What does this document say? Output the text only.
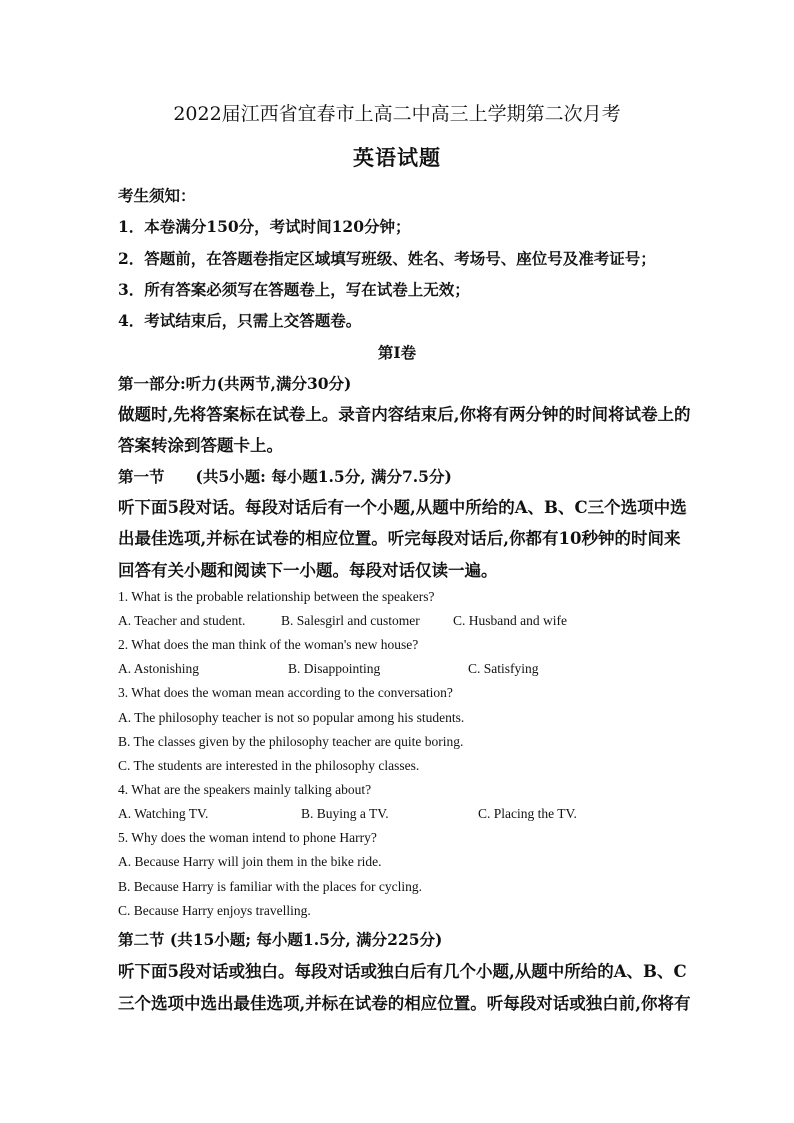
2022届江西省宜春市上高二中高三上学期第二次月考
英语试题
考生须知：
1．本卷满分150分，考试时间120分钟；
2．答题前，在答题卷指定区域填写班级、姓名、考场号、座位号及准考证号；
3．所有答案必须写在答题卷上，写在试卷上无效；
4．考试结束后，只需上交答题卷。
第Ⅰ卷
第一部分:听力(共两节,满分30分)
做题时,先将答案标在试卷上。录音内容结束后,你将有两分钟的时间将试卷上的
答案转涂到答题卡上。
第一节　　(共5小题: 每小题1.5分, 满分7.5分)
听下面5段对话。每段对话后有一个小题,从题中所给的A、B、C三个选项中选
出最佳选项,并标在试卷的相应位置。听完每段对话后,你都有10秒钟的时间来
回答有关小题和阅读下一小题。每段对话仅读一遍。
1. What is the probable relationship between the speakers?
A. Teacher and student.	B. Salesgirl and customer C. Husband and wife
2. What does the man think of the woman's new house?
A. Astonishing	B. Disappointing	C. Satisfying
3. What does the woman mean according to the conversation?
A. The philosophy teacher is not so popular among his students.
B. The classes given by the philosophy teacher are quite boring.
C. The students are interested in the philosophy classes.
4. What are the speakers mainly talking about?
A. Watching TV.	B. Buying a TV.	C. Placing the TV.
5. Why does the woman intend to phone Harry?
A. Because Harry will join them in the bike ride.
B. Because Harry is familiar with the places for cycling.
C. Because Harry enjoys travelling.
第二节 (共15小题; 每小题1.5分, 满分225分)
听下面5段对话或独白。每段对话或独白后有几个小题,从题中所给的A、B、C
三个选项中选出最佳选项,并标在试卷的相应位置。听每段对话或独白前,你将有
